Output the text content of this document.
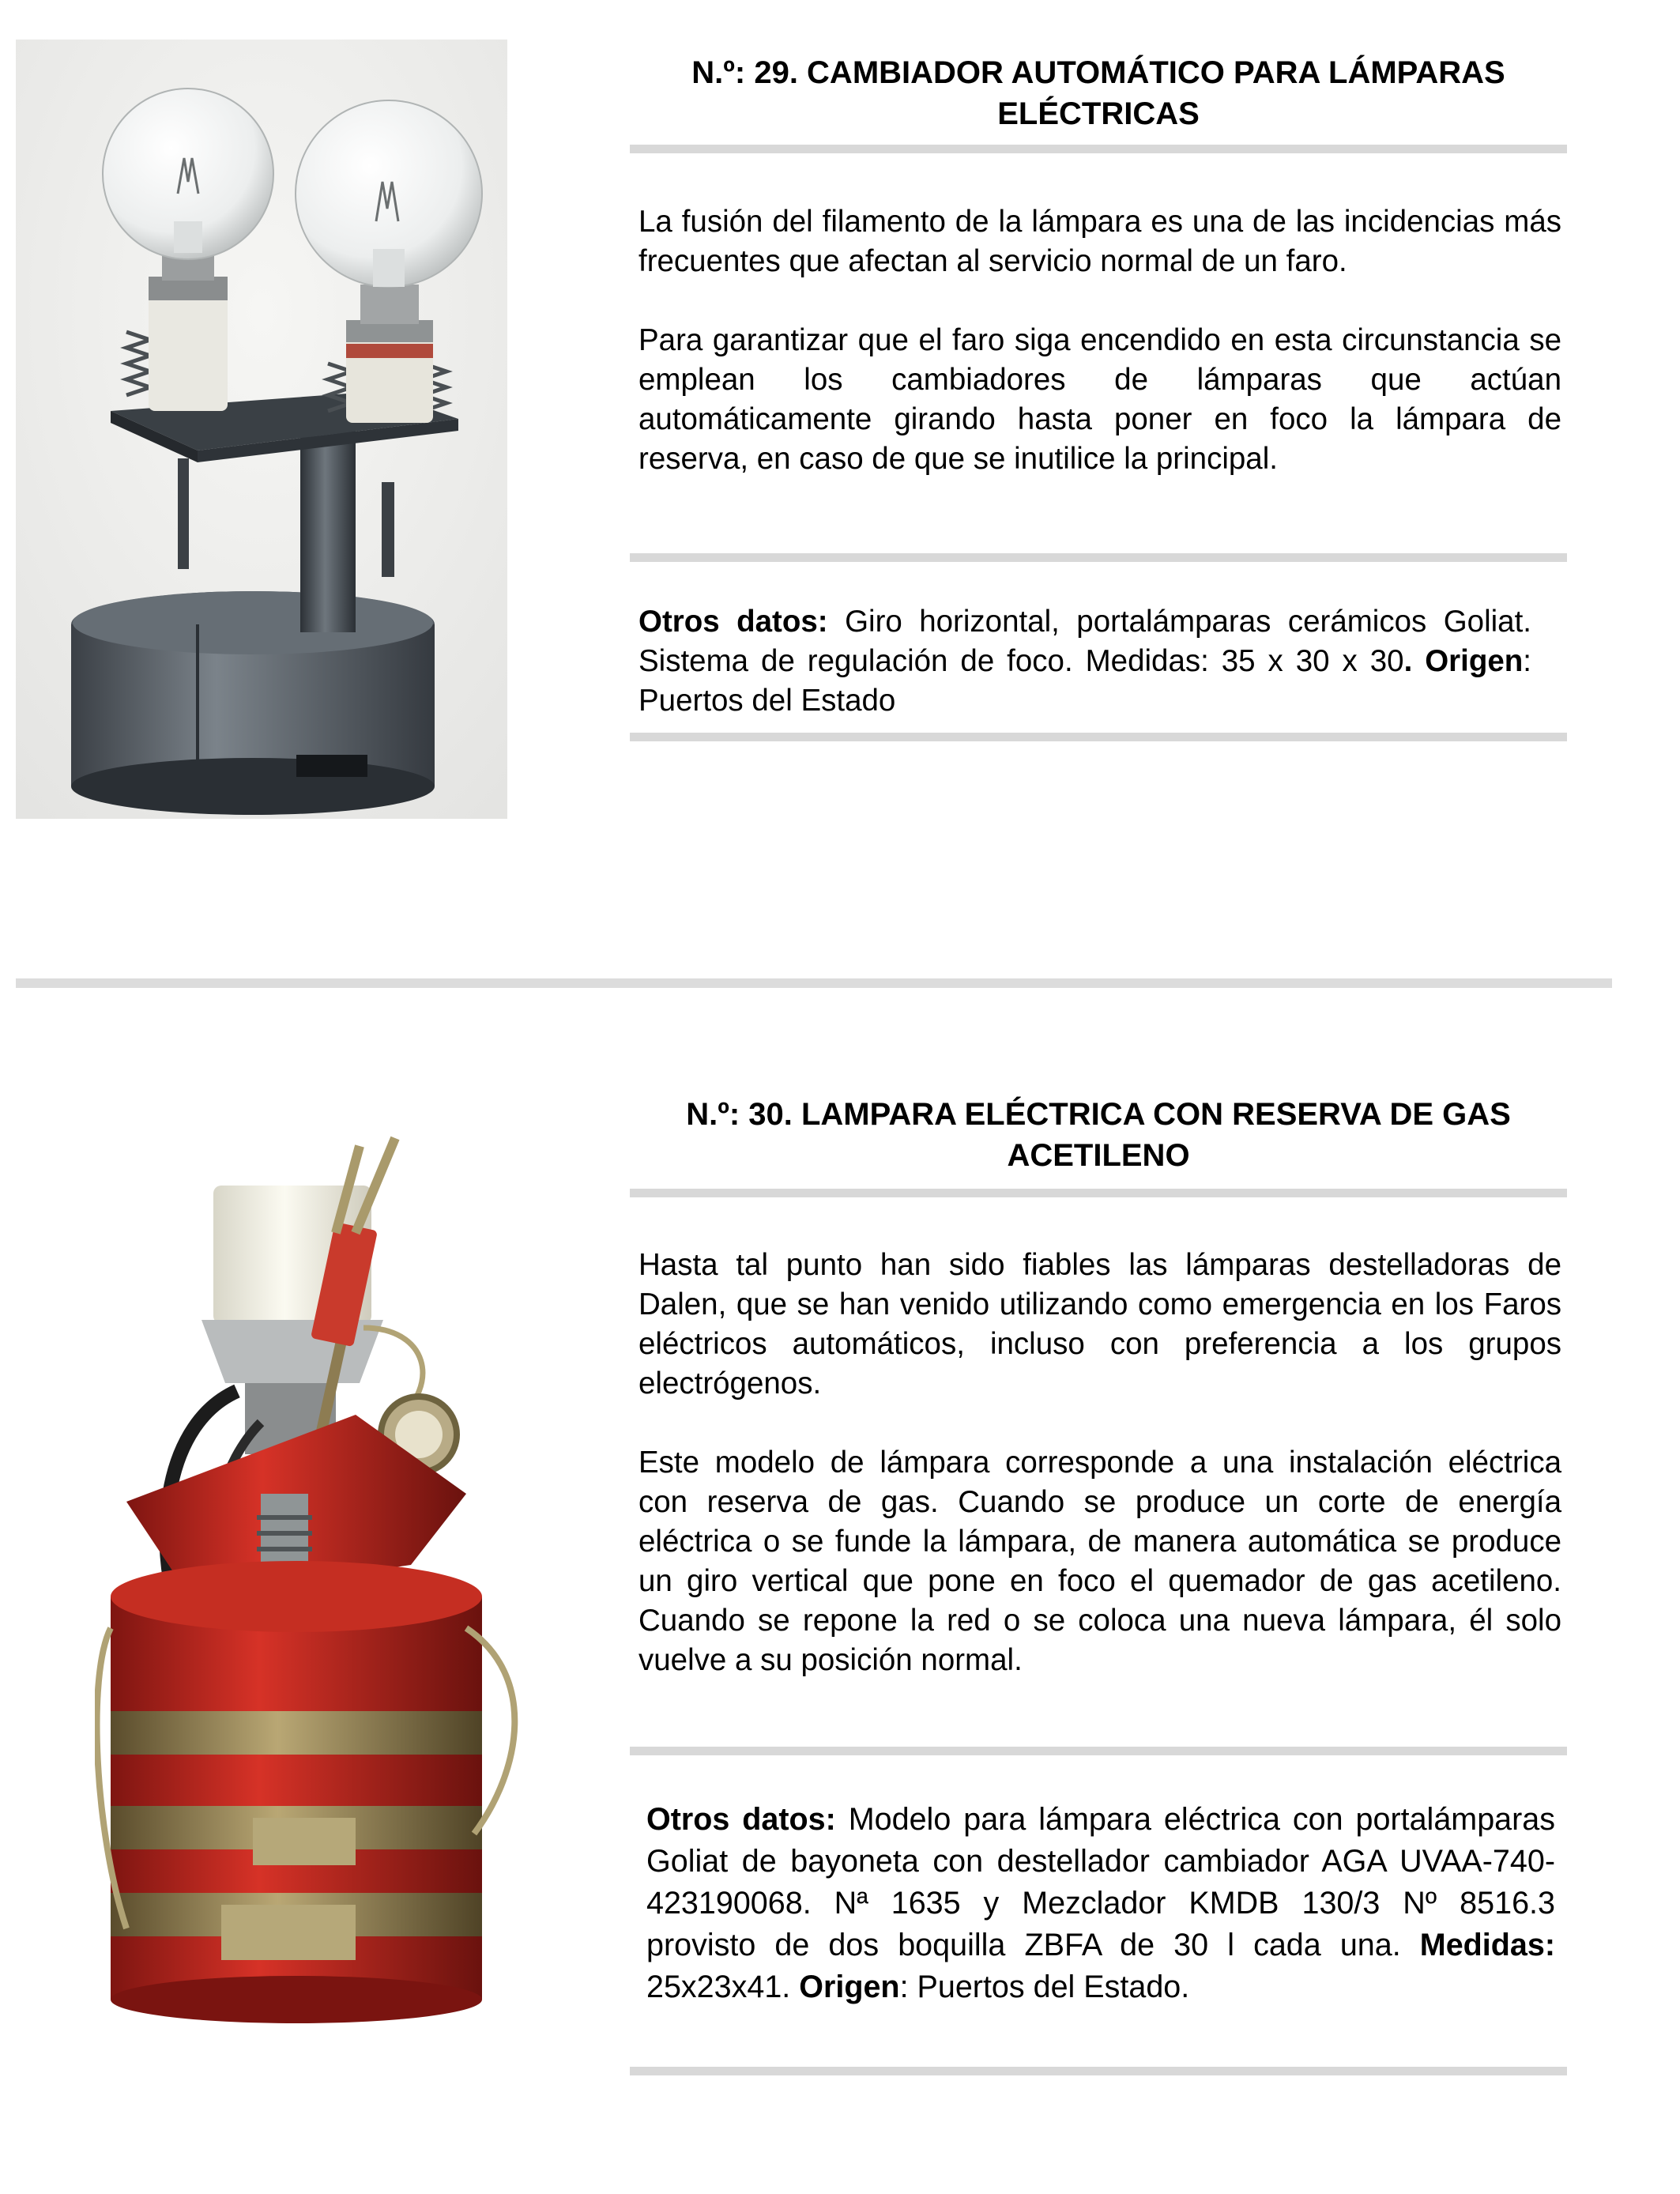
N.º: 29. CAMBIADOR AUTOMÁTICO PARA LÁMPARAS ELÉCTRICAS

La fusión del filamento de la lámpara es una de las incidencias más frecuentes que afectan al servicio normal de un faro.

Para garantizar que el faro siga encendido en esta circunstancia se emplean los cambiadores de lámparas que actúan automáticamente girando hasta poner en foco la lámpara de reserva, en caso de que se inutilice la principal.

Otros datos: Giro horizontal, portalámparas cerámicos Goliat. Sistema de regulación de foco. Medidas: 35 x 30 x 30. Origen: Puertos del Estado

N.º: 30. LAMPARA ELÉCTRICA CON RESERVA DE GAS ACETILENO

Hasta tal punto han sido fiables las lámparas destelladoras de Dalen, que se han venido utilizando como emergencia en los Faros eléctricos automáticos, incluso con preferencia a los grupos electrógenos.

Este modelo de lámpara corresponde a una instalación eléctrica con reserva de gas. Cuando se produce un corte de energía eléctrica o se funde la lámpara, de manera automática se produce un giro vertical que pone en foco el quemador de gas acetileno. Cuando se repone la red o se coloca una nueva lámpara, él solo vuelve a su posición normal.

Otros datos: Modelo para lámpara eléctrica con portalámparas Goliat de bayoneta con destellador cambiador AGA UVAA-740-423190068. Nª 1635 y Mezclador KMDB 130/3 Nº 8516.3 provisto de dos boquilla ZBFA de 30 l cada una. Medidas: 25x23x41. Origen: Puertos del Estado.
